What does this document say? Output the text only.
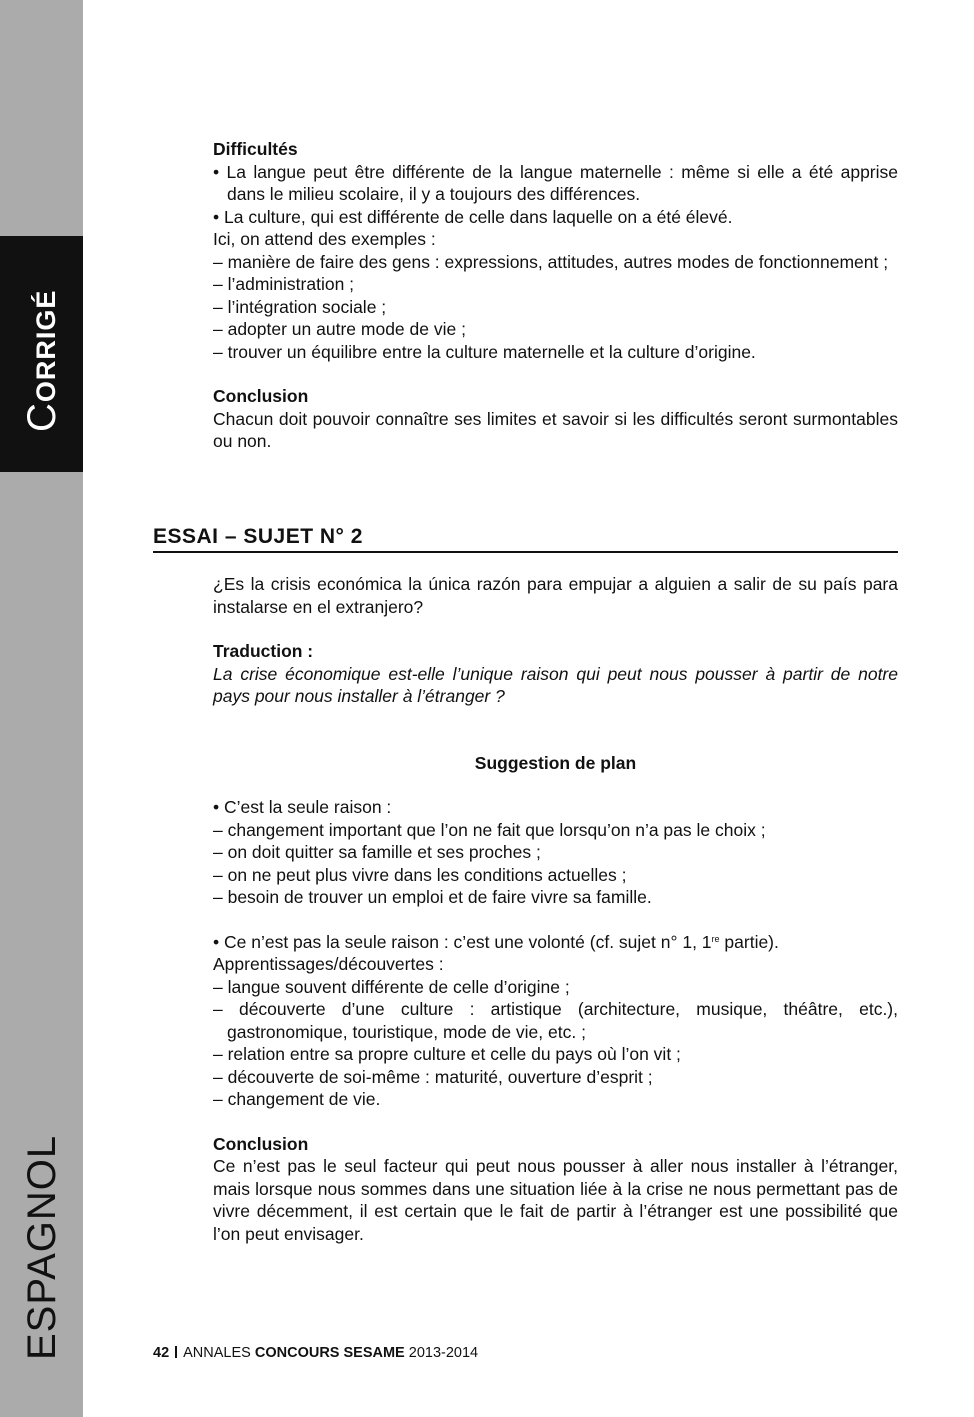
CORRIGÉ
ESPAGNOL

Difficultés

• La langue peut être différente de la langue maternelle : même si elle a été apprise dans le milieu scolaire, il y a toujours des différences.

• La culture, qui est différente de celle dans laquelle on a été élevé.

Ici, on attend des exemples :

– manière de faire des gens : expressions, attitudes, autres modes de fonctionnement ;

– l’administration ;

– l’intégration sociale ;

– adopter un autre mode de vie ;

– trouver un équilibre entre la culture maternelle et la culture d’origine.

Conclusion

Chacun doit pouvoir connaître ses limites et savoir si les difficultés seront surmontables ou non.

ESSAI – SUJET N° 2

¿Es la crisis económica la única razón para empujar a alguien a salir de su país para instalarse en el extranjero?

Traduction :

La crise économique est-elle l’unique raison qui peut nous pousser à partir de notre pays pour nous installer à l’étranger ?

Suggestion de plan

• C’est la seule raison :

– changement important que l’on ne fait que lorsqu’on n’a pas le choix ;

– on doit quitter sa famille et ses proches ;

– on ne peut plus vivre dans les conditions actuelles ;

– besoin de trouver un emploi et de faire vivre sa famille.

• Ce n’est pas la seule raison : c’est une volonté (cf. sujet n° 1, 1re partie).

Apprentissages/découvertes :

– langue souvent différente de celle d’origine ;

– découverte d’une culture : artistique (architecture, musique, théâtre, etc.), gastronomique, touristique, mode de vie, etc. ;

– relation entre sa propre culture et celle du pays où l’on vit ;

– découverte de soi-même : maturité, ouverture d’esprit ;

– changement de vie.

Conclusion

Ce n’est pas le seul facteur qui peut nous pousser à aller nous installer à l’étranger, mais lorsque nous sommes dans une situation liée à la crise ne nous permettant pas de vivre décemment, il est certain que le fait de partir à l’étranger est une possibilité que l’on peut envisager.

42 ANNALES CONCOURS SESAME 2013-2014
